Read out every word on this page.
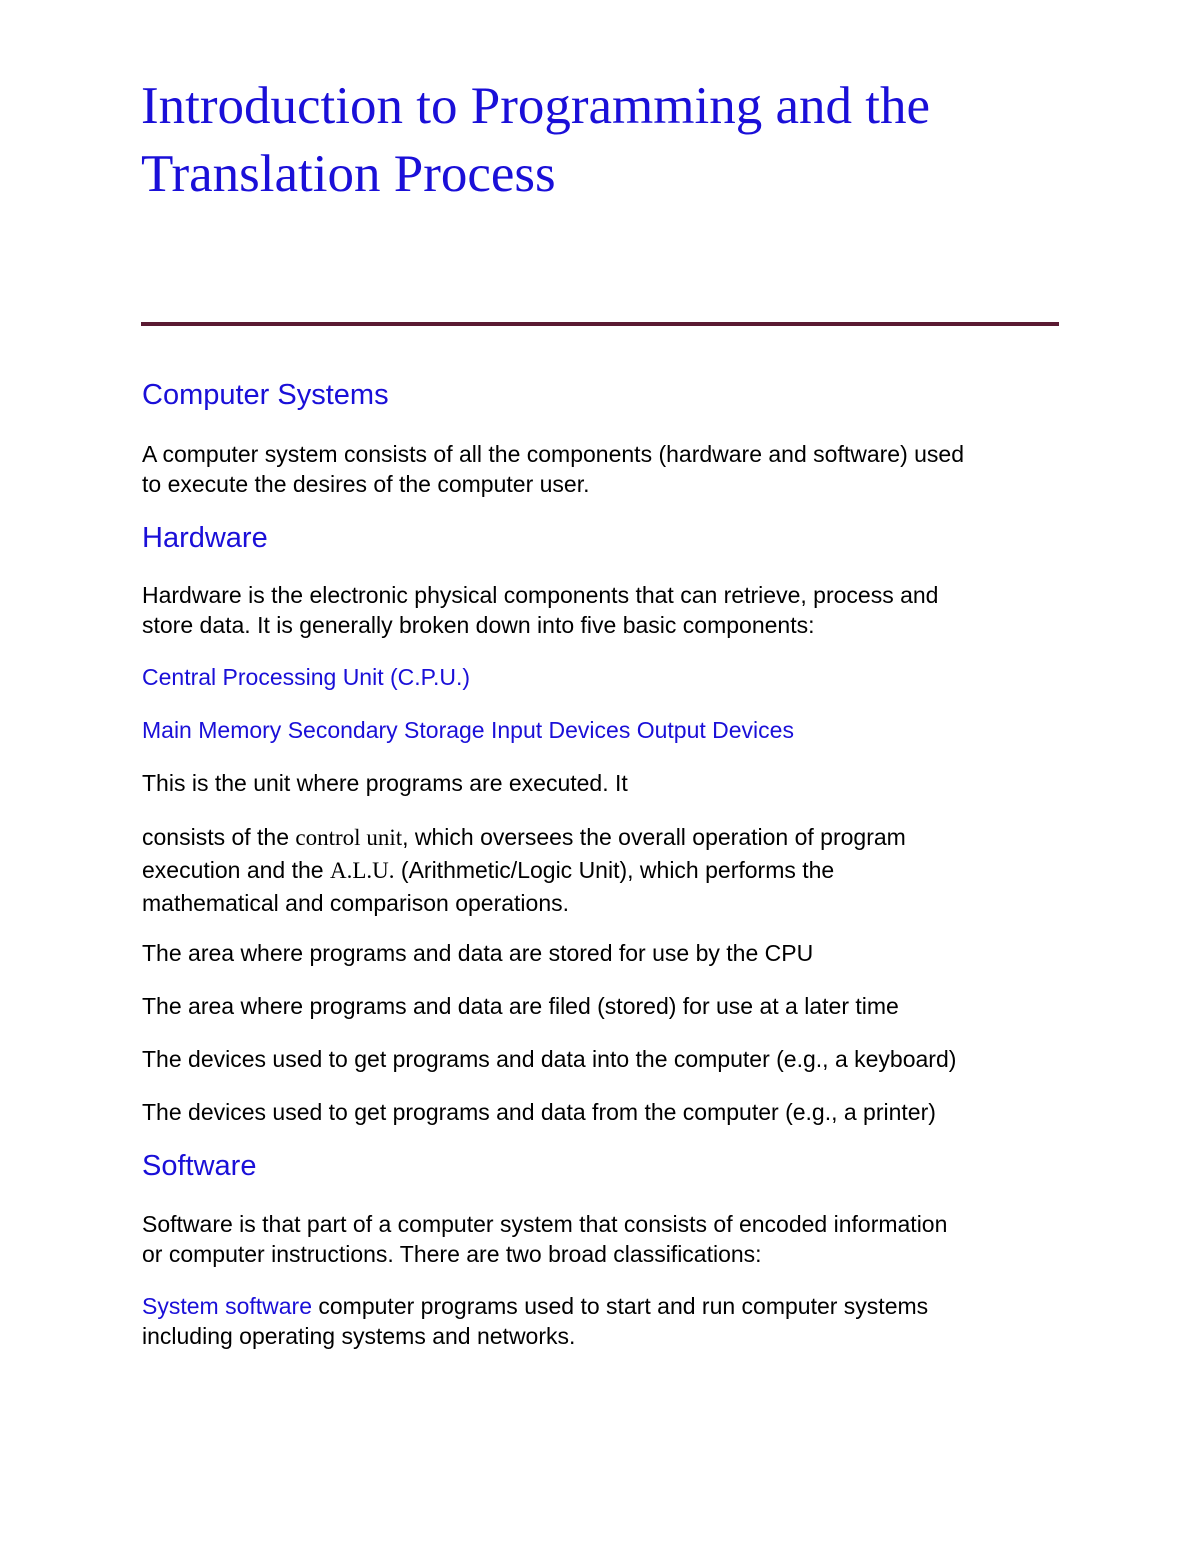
Introduction to Programming and the
Translation Process
Computer Systems

A computer system consists of all the components (hardware and software) used
to execute the desires of the computer user.

Hardware

Hardware is the electronic physical components that can retrieve, process and
store data. It is generally broken down into five basic components:

Central Processing Unit (C.P.U.)

Main Memory Secondary Storage Input Devices Output Devices

This is the unit where programs are executed. It

consists of the control unit, which oversees the overall operation of program
execution and the A.L.U. (Arithmetic/Logic Unit), which performs the
mathematical and comparison operations.

The area where programs and data are stored for use by the CPU

The area where programs and data are filed (stored) for use at a later time

The devices used to get programs and data into the computer (e.g., a keyboard)

The devices used to get programs and data from the computer (e.g., a printer)

Software

Software is that part of a computer system that consists of encoded information
or computer instructions. There are two broad classifications:

System software computer programs used to start and run computer systems
including operating systems and networks.
